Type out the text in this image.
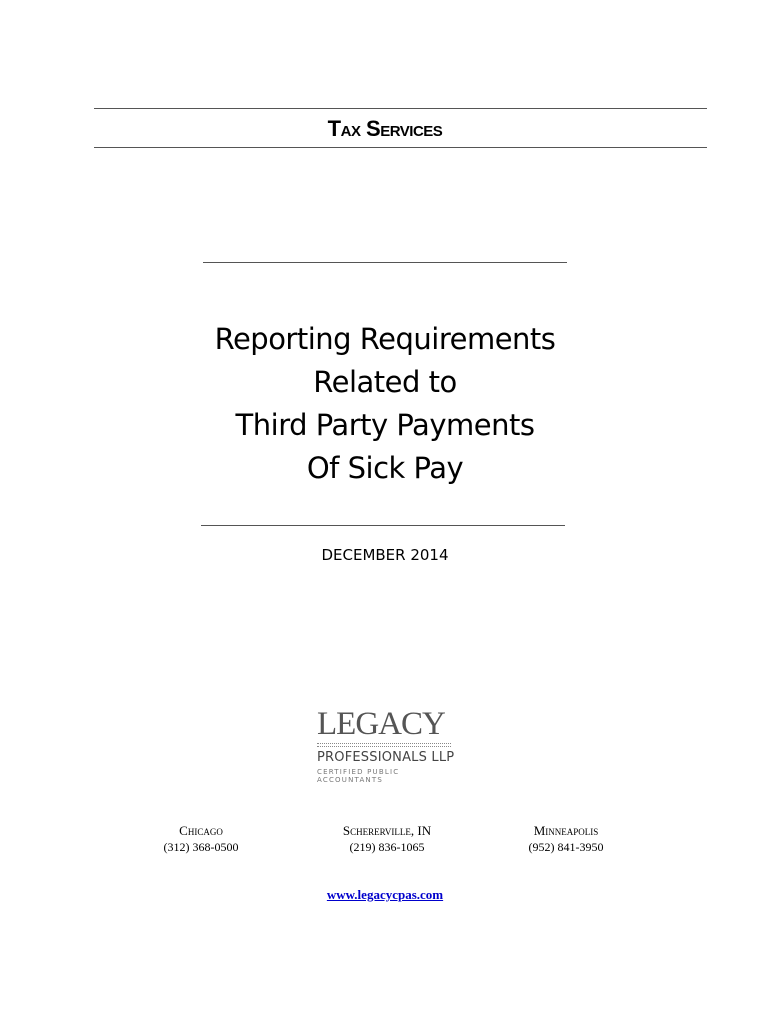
Tax Services
Reporting Requirements
Related to
Third Party Payments
Of Sick Pay
DECEMBER 2014
LEGACY
PROFESSIONALS LLP
CERTIFIED PUBLIC ACCOUNTANTS
Chicago
(312) 368-0500
Schererville, IN
(219) 836-1065
Minneapolis
(952) 841-3950
www.legacycpas.com
